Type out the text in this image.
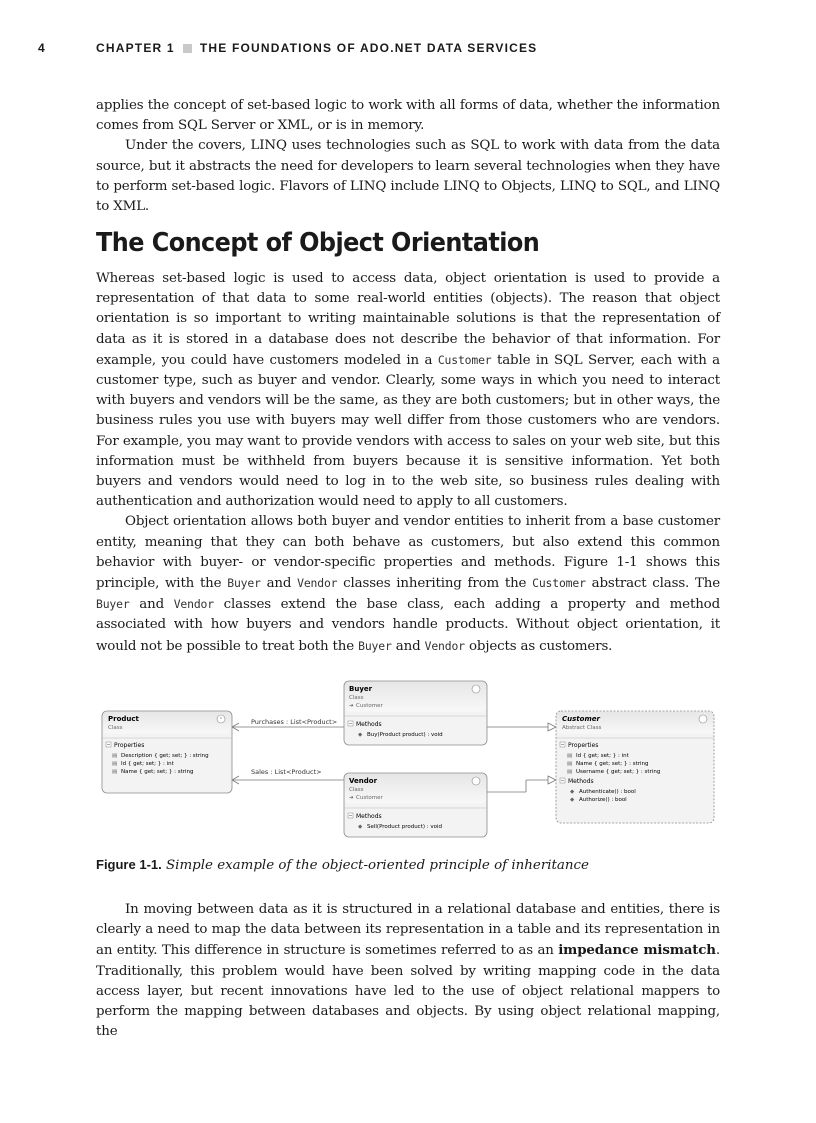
4	CHAPTER 1 THE FOUNDATIONS OF ADO.NET DATA SERVICES

applies the concept of set-based logic to work with all forms of data, whether the information comes from SQL Server or XML, or is in memory.

Under the covers, LINQ uses technologies such as SQL to work with data from the data source, but it abstracts the need for developers to learn several technologies when they have to perform set-based logic. Flavors of LINQ include LINQ to Objects, LINQ to SQL, and LINQ to XML.

The Concept of Object Orientation

Whereas set-based logic is used to access data, object orientation is used to provide a representation of that data to some real-world entities (objects). The reason that object orientation is so important to writing maintainable solutions is that the representation of data as it is stored in a database does not describe the behavior of that information. For example, you could have customers modeled in a Customer table in SQL Server, each with a customer type, such as buyer and vendor. Clearly, some ways in which you need to interact with buyers and vendors will be the same, as they are both customers; but in other ways, the business rules you use with buyers may well differ from those customers who are vendors. For example, you may want to provide vendors with access to sales on your web site, but this information must be withheld from buyers because it is sensitive information. Yet both buyers and vendors would need to log in to the web site, so business rules dealing with authentication and authorization would need to apply to all customers.

Object orientation allows both buyer and vendor entities to inherit from a base customer entity, meaning that they can both behave as customers, but also extend this common behavior with buyer- or vendor-specific properties and methods. Figure 1-1 shows this principle, with the Buyer and Vendor classes inheriting from the Customer abstract class. The Buyer and Vendor classes extend the base class, each adding a property and method associated with how buyers and vendors handle products. Without object orientation, it would not be possible to treat both the Buyer and Vendor objects as customers.

Purchases : List<Product>
Sales : List<Product>
Product
Class
⌃
Properties
▤ Description { get; set; } : string
▤ Id { get; set; } : int
▤ Name { get; set; } : string
Buyer
Class
➔ Customer
Methods
◆ Buy(Product product) : void
Vendor
Class
➔ Customer
Methods
◆ Sell(Product product) : void
Customer
Abstract Class
Properties
▤ Id { get; set; } : int
▤ Name { get; set; } : string
▤ Username { get; set; } : string
Methods
◆ Authenticate() : bool
◆ Authorize() : bool
Figure 1-1. Simple example of the object-oriented principle of inheritance

In moving between data as it is structured in a relational database and entities, there is clearly a need to map the data between its representation in a table and its representation in an entity. This difference in structure is sometimes referred to as an impedance mismatch. Traditionally, this problem would have been solved by writing mapping code in the data access layer, but recent innovations have led to the use of object relational mappers to perform the mapping between databases and objects. By using object relational mapping, the
